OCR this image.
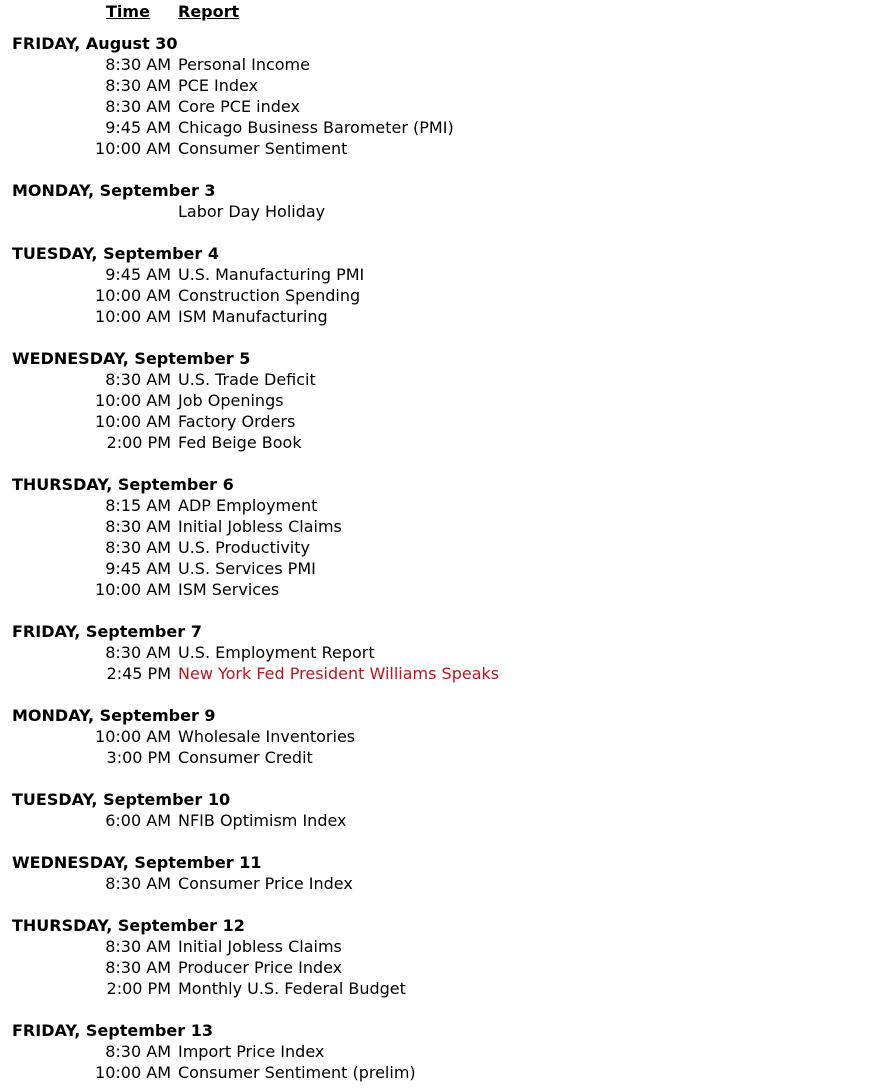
Time	Report
FRIDAY, August 30
8:30 AM Personal Income
8:30 AM PCE Index
8:30 AM Core PCE index
9:45 AM Chicago Business Barometer (PMI)
10:00 AM Consumer Sentiment
MONDAY, September 3
Labor Day Holiday
TUESDAY, September 4
9:45 AM U.S. Manufacturing PMI
10:00 AM Construction Spending
10:00 AM ISM Manufacturing
WEDNESDAY, September 5
8:30 AM U.S. Trade Deficit
10:00 AM Job Openings
10:00 AM Factory Orders
2:00 PM Fed Beige Book
THURSDAY, September 6
8:15 AM ADP Employment
8:30 AM Initial Jobless Claims
8:30 AM U.S. Productivity
9:45 AM U.S. Services PMI
10:00 AM ISM Services
FRIDAY, September 7
8:30 AM U.S. Employment Report
2:45 PM New York Fed President Williams Speaks
MONDAY, September 9
10:00 AM Wholesale Inventories
3:00 PM Consumer Credit
TUESDAY, September 10
6:00 AM NFIB Optimism Index
WEDNESDAY, September 11
8:30 AM Consumer Price Index
THURSDAY, September 12
8:30 AM Initial Jobless Claims
8:30 AM Producer Price Index
2:00 PM Monthly U.S. Federal Budget
FRIDAY, September 13
8:30 AM Import Price Index
10:00 AM Consumer Sentiment (prelim)
